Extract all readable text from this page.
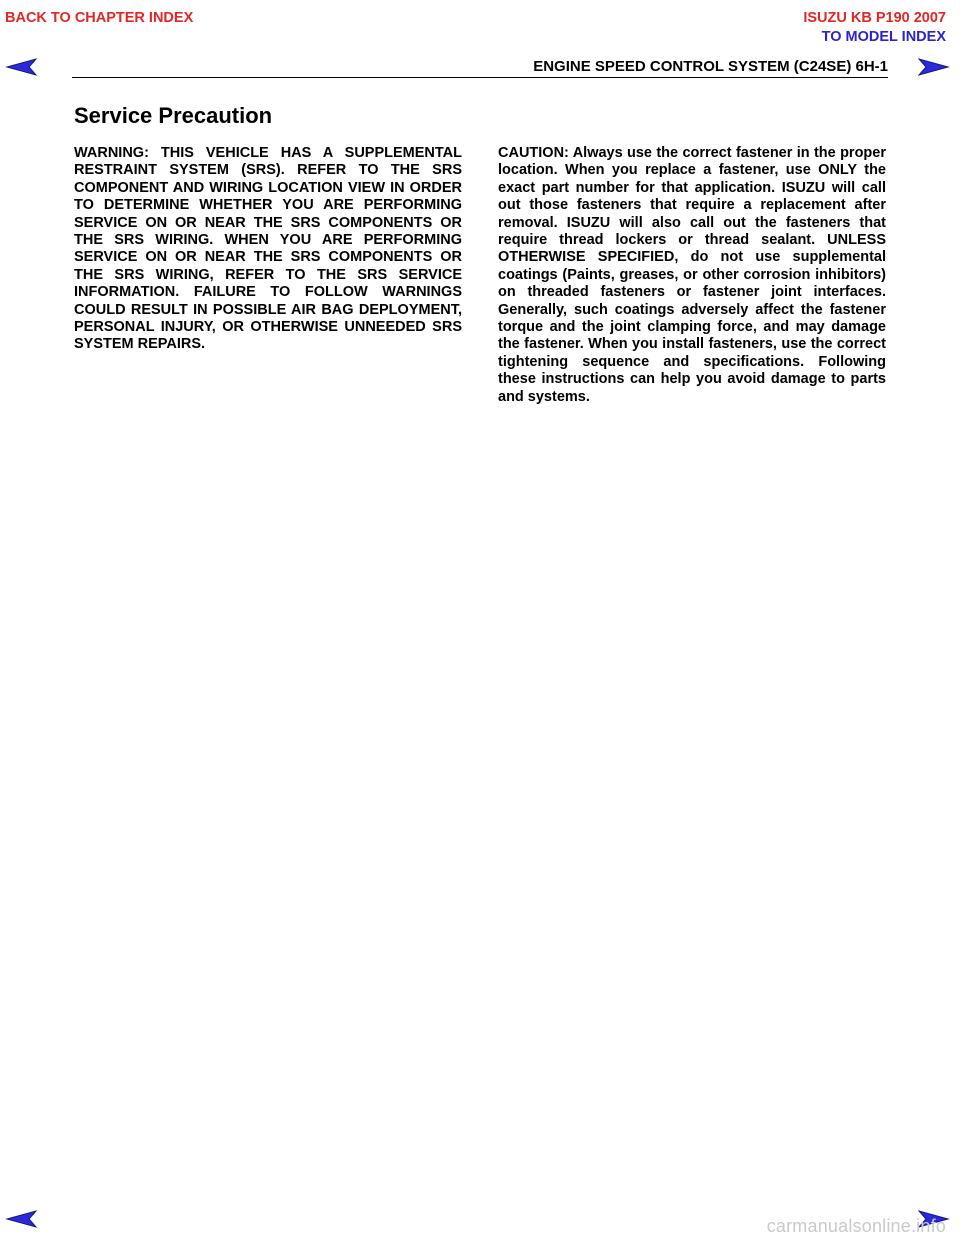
BACK TO CHAPTER INDEX	ISUZU KB P190 2007
TO MODEL INDEX
ENGINE SPEED CONTROL SYSTEM (C24SE) 6H-1
Service Precaution

WARNING: THIS VEHICLE HAS A SUPPLEMENTAL RESTRAINT SYSTEM (SRS). REFER TO THE SRS COMPONENT AND WIRING LOCATION VIEW IN ORDER TO DETERMINE WHETHER YOU ARE PERFORMING SERVICE ON OR NEAR THE SRS COMPONENTS OR THE SRS WIRING. WHEN YOU ARE PERFORMING SERVICE ON OR NEAR THE SRS COMPONENTS OR THE SRS WIRING, REFER TO THE SRS SERVICE INFORMATION. FAILURE TO FOLLOW WARNINGS COULD RESULT IN POSSIBLE AIR BAG DEPLOYMENT, PERSONAL INJURY, OR OTHERWISE UNNEEDED SRS SYSTEM REPAIRS.

CAUTION: Always use the correct fastener in the proper location. When you replace a fastener, use ONLY the exact part number for that application. ISUZU will call out those fasteners that require a replacement after removal. ISUZU will also call out the fasteners that require thread lockers or thread sealant. UNLESS OTHERWISE SPECIFIED, do not use supplemental coatings (Paints, greases, or other corrosion inhibitors) on threaded fasteners or fastener joint interfaces. Generally, such coatings adversely affect the fastener torque and the joint clamping force, and may damage the fastener. When you install fasteners, use the correct tightening sequence and specifications. Following these instructions can help you avoid damage to parts and systems.

carmanualsonline.info
